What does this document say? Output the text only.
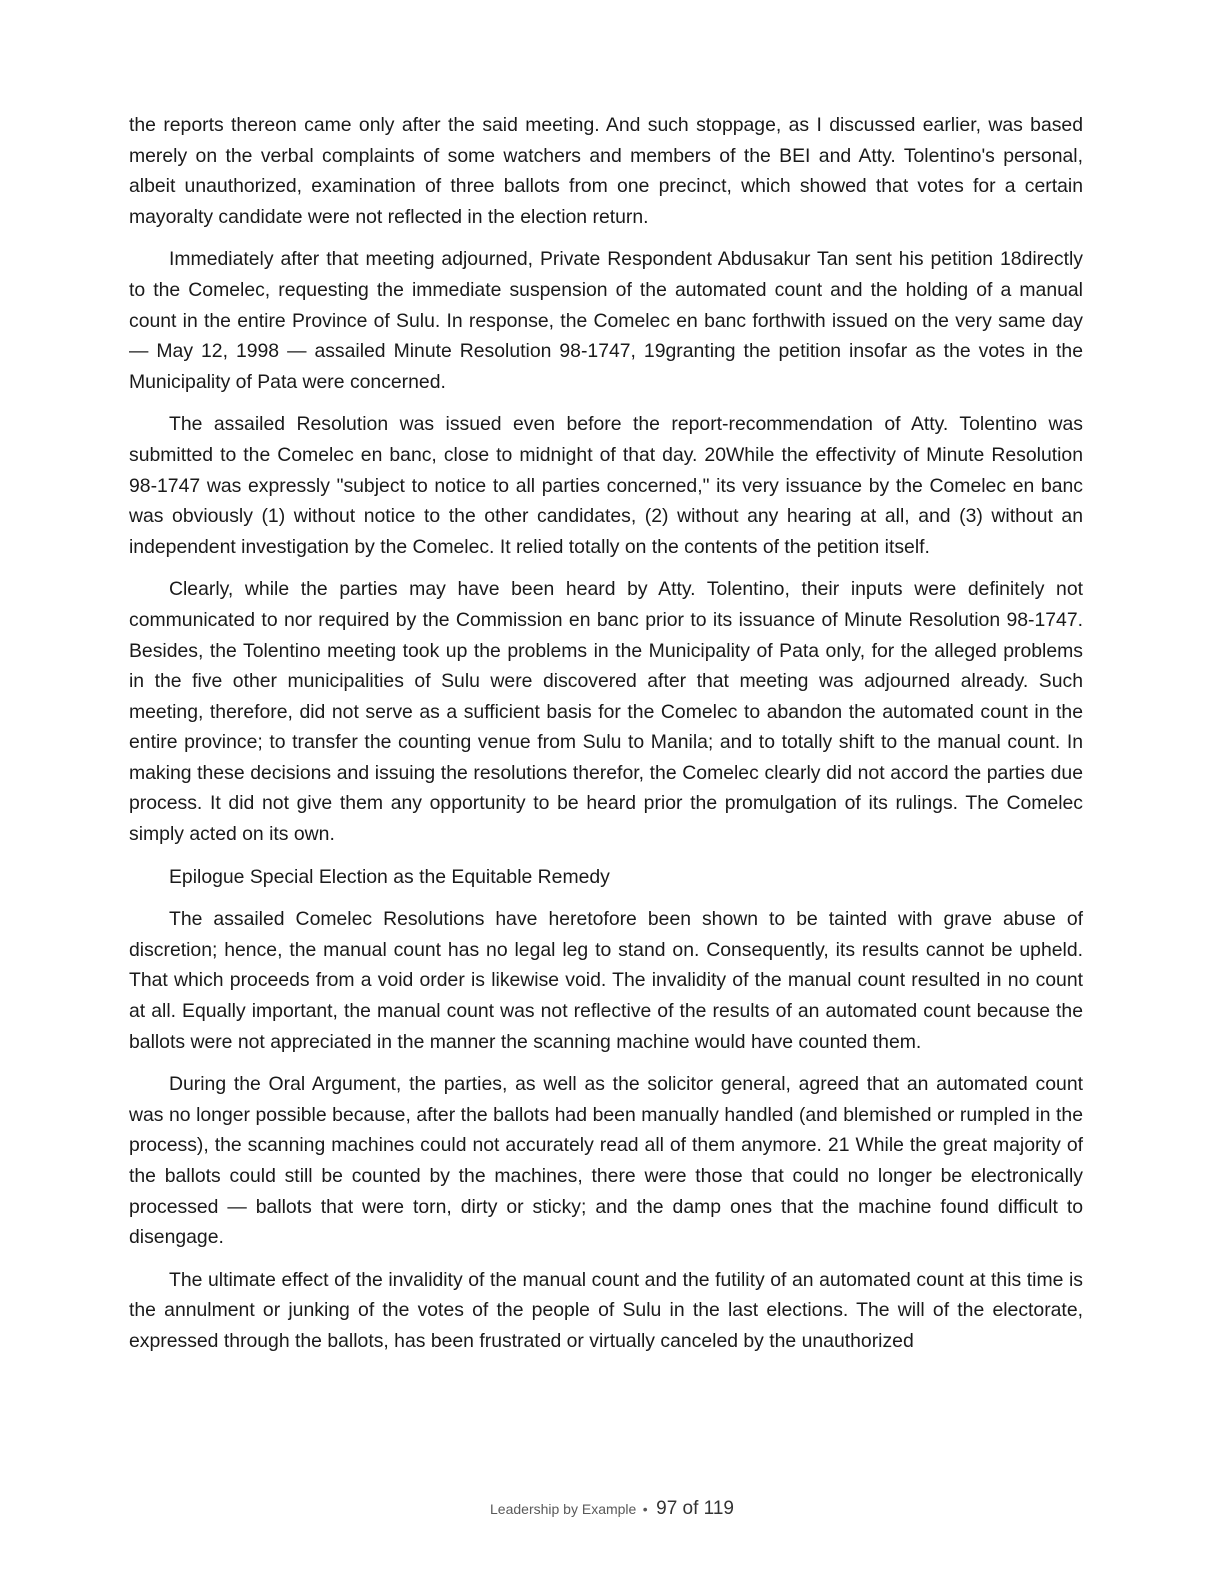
the reports thereon came only after the said meeting. And such stoppage, as I discussed earlier, was based merely on the verbal complaints of some watchers and members of the BEI and Atty. Tolentino's personal, albeit unauthorized, examination of three ballots from one precinct, which showed that votes for a certain mayoralty candidate were not reflected in the election return.

Immediately after that meeting adjourned, Private Respondent Abdusakur Tan sent his petition 18directly to the Comelec, requesting the immediate suspension of the automated count and the holding of a manual count in the entire Province of Sulu. In response, the Comelec en banc forthwith issued on the very same day — May 12, 1998 — assailed Minute Resolution 98-1747, 19granting the petition insofar as the votes in the Municipality of Pata were concerned.

The assailed Resolution was issued even before the report-recommendation of Atty. Tolentino was submitted to the Comelec en banc, close to midnight of that day. 20While the effectivity of Minute Resolution 98-1747 was expressly "subject to notice to all parties concerned," its very issuance by the Comelec en banc was obviously (1) without notice to the other candidates, (2) without any hearing at all, and (3) without an independent investigation by the Comelec. It relied totally on the contents of the petition itself.

Clearly, while the parties may have been heard by Atty. Tolentino, their inputs were definitely not communicated to nor required by the Commission en banc prior to its issuance of Minute Resolution 98-1747. Besides, the Tolentino meeting took up the problems in the Municipality of Pata only, for the alleged problems in the five other municipalities of Sulu were discovered after that meeting was adjourned already. Such meeting, therefore, did not serve as a sufficient basis for the Comelec to abandon the automated count in the entire province; to transfer the counting venue from Sulu to Manila; and to totally shift to the manual count. In making these decisions and issuing the resolutions therefor, the Comelec clearly did not accord the parties due process. It did not give them any opportunity to be heard prior the promulgation of its rulings. The Comelec simply acted on its own.

Epilogue Special Election as the Equitable Remedy

The assailed Comelec Resolutions have heretofore been shown to be tainted with grave abuse of discretion; hence, the manual count has no legal leg to stand on. Consequently, its results cannot be upheld. That which proceeds from a void order is likewise void. The invalidity of the manual count resulted in no count at all. Equally important, the manual count was not reflective of the results of an automated count because the ballots were not appreciated in the manner the scanning machine would have counted them.

During the Oral Argument, the parties, as well as the solicitor general, agreed that an automated count was no longer possible because, after the ballots had been manually handled (and blemished or rumpled in the process), the scanning machines could not accurately read all of them anymore. 21 While the great majority of the ballots could still be counted by the machines, there were those that could no longer be electronically processed — ballots that were torn, dirty or sticky; and the damp ones that the machine found difficult to disengage.

The ultimate effect of the invalidity of the manual count and the futility of an automated count at this time is the annulment or junking of the votes of the people of Sulu in the last elections. The will of the electorate, expressed through the ballots, has been frustrated or virtually canceled by the unauthorized

Leadership by Example • 97 of 119
